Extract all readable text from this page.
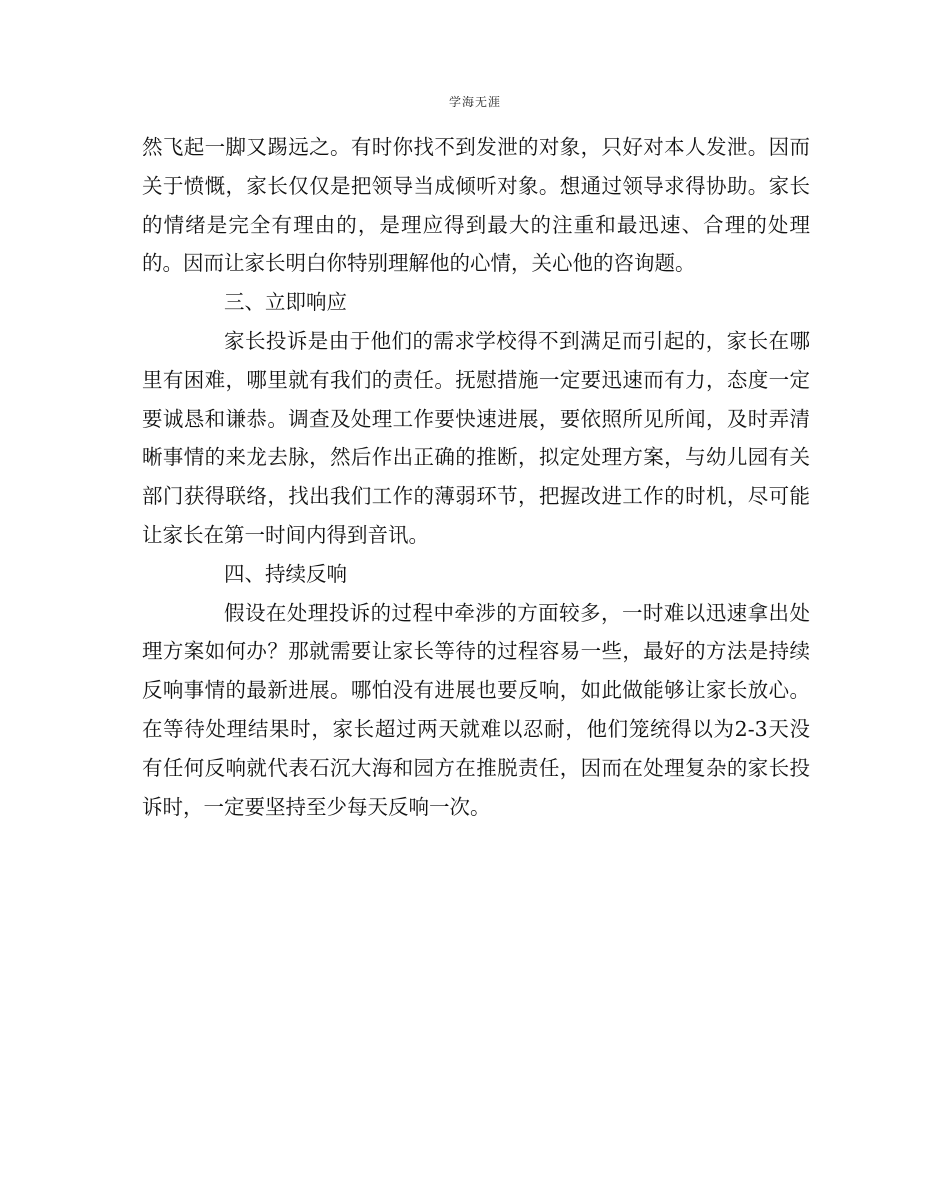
学海无涯

然飞起一脚又踢远之。有时你找不到发泄的对象，只好对本人发泄。因而关于愤慨，家长仅仅是把领导当成倾听对象。想通过领导求得协助。家长的情绪是完全有理由的，是理应得到最大的注重和最迅速、合理的处理的。因而让家长明白你特别理解他的心情，关心他的咨询题。

三、立即响应

家长投诉是由于他们的需求学校得不到满足而引起的，家长在哪里有困难，哪里就有我们的责任。抚慰措施一定要迅速而有力，态度一定要诚恳和谦恭。调查及处理工作要快速进展，要依照所见所闻，及时弄清晰事情的来龙去脉，然后作出正确的推断，拟定处理方案，与幼儿园有关部门获得联络，找出我们工作的薄弱环节，把握改进工作的时机，尽可能让家长在第一时间内得到音讯。

四、持续反响

假设在处理投诉的过程中牵涉的方面较多，一时难以迅速拿出处理方案如何办？那就需要让家长等待的过程容易一些，最好的方法是持续反响事情的最新进展。哪怕没有进展也要反响，如此做能够让家长放心。在等待处理结果时，家长超过两天就难以忍耐，他们笼统得以为2-3天没有任何反响就代表石沉大海和园方在推脱责任，因而在处理复杂的家长投诉时，一定要坚持至少每天反响一次。
